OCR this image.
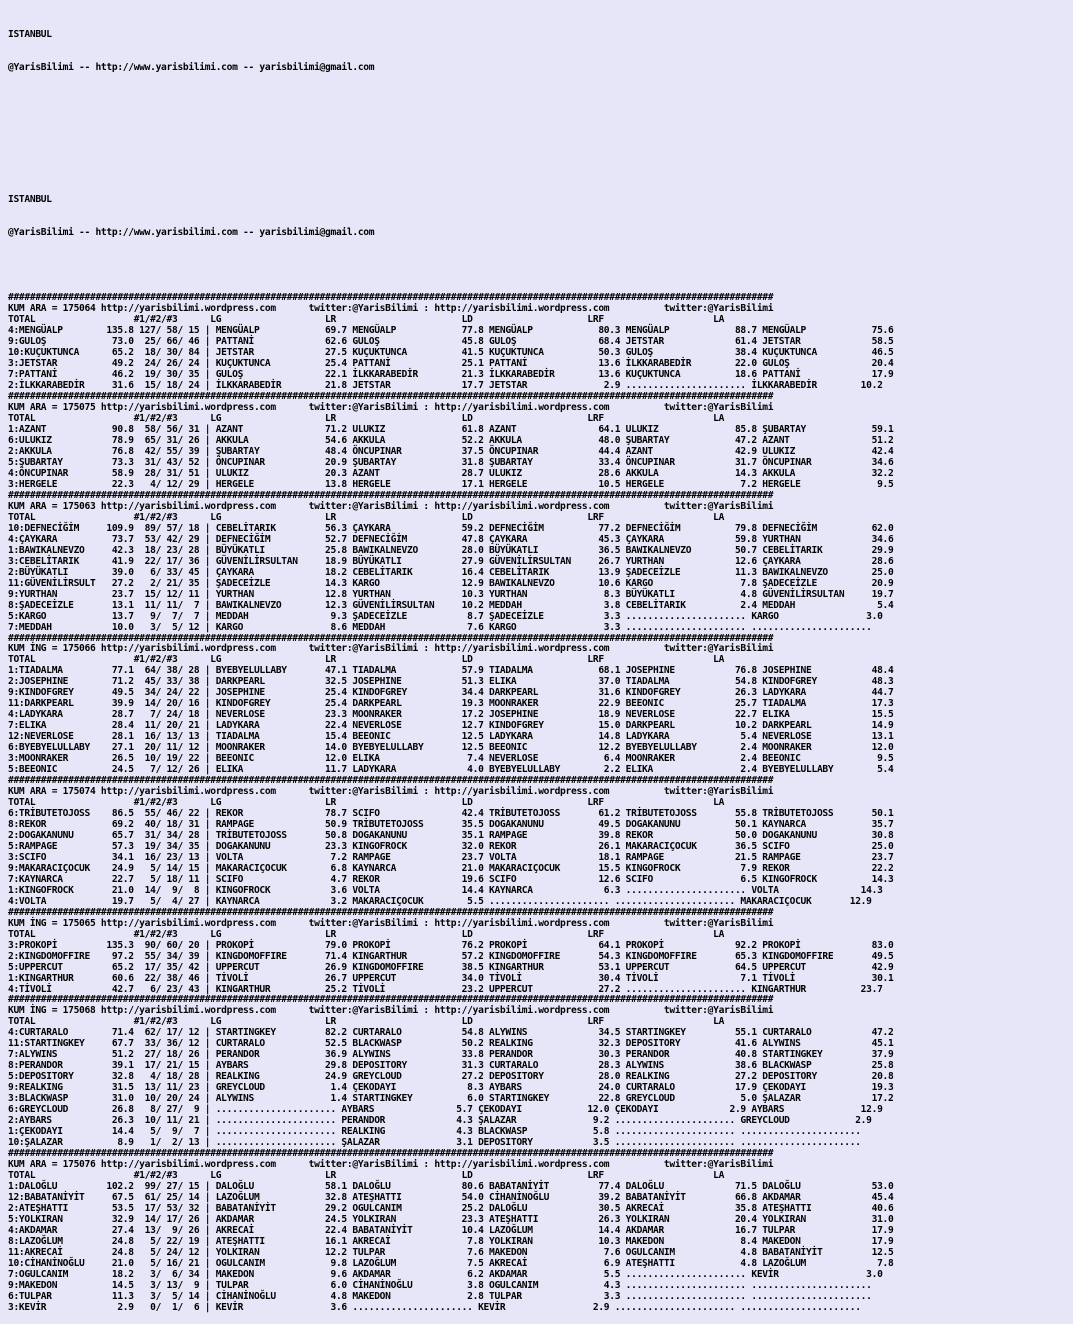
ISTANBUL

@YarisBilimi -- http://www.yarisbilimi.com -- yarisbilimi@gmail.com

ISTANBUL

@YarisBilimi -- http://www.yarisbilimi.com -- yarisbilimi@gmail.com

############################################################################################################################################
KUM ARA = 175064 http://yarisbilimi.wordpress.com      twitter:@YarisBilimi : http://yarisbilimi.wordpress.com          twitter:@YarisBilimi
TOTAL                  #1/#2/#3      LG                   LR                       LD                     LRF                    LA
4:MENGÜALP        135.8 127/ 58/ 15 | MENGÜALP            69.7 MENGÜALP            77.8 MENGÜALP            80.3 MENGÜALP            88.7 MENGÜALP            75.6
9:GULOŞ            73.0  25/ 66/ 46 | PATTANİ             62.6 GULOŞ               45.8 GULOŞ               68.4 JETSTAR             61.4 JETSTAR             58.5
10:KUÇUKTUNCA      65.2  18/ 30/ 84 | JETSTAR             27.5 KUÇUKTUNCA          41.5 KUÇUKTUNCA          50.3 GULOŞ               38.4 KUÇUKTUNCA          46.5
3:JETSTAR          49.2  24/ 26/ 24 | KUÇUKTUNCA          25.4 PATTANİ             25.1 PATTANİ             13.6 İLKKARABEDİR        22.0 GULOŞ               20.4
7:PATTANİ          46.2  19/ 30/ 35 | GULOŞ               22.1 İLKKARABEDİR        21.3 İLKKARABEDİR        13.6 KUÇUKTUNCA          18.6 PATTANİ             17.9
2:İLKKARABEDİR     31.6  15/ 18/ 24 | İLKKARABEDİR        21.8 JETSTAR             17.7 JETSTAR              2.9 ...................... İLKKARABEDİR        10.2
############################################################################################################################################
KUM ARA = 175075 http://yarisbilimi.wordpress.com      twitter:@YarisBilimi : http://yarisbilimi.wordpress.com          twitter:@YarisBilimi
TOTAL                  #1/#2/#3      LG                   LR                       LD                     LRF                    LA
1:AZANT            90.8  58/ 56/ 31 | AZANT               71.2 ULUKIZ              61.8 AZANT               64.1 ULUKIZ              85.8 ŞUBARTAY            59.1
6:ULUKIZ           78.9  65/ 31/ 26 | AKKULA              54.6 AKKULA              52.2 AKKULA              48.0 ŞUBARTAY            47.2 AZANT               51.2
2:AKKULA           76.8  42/ 55/ 39 | ŞUBARTAY            48.4 ÖNCUPINAR           37.5 ÖNCUPINAR           44.4 AZANT               42.9 ULUKIZ              42.4
5:ŞUBARTAY         73.3  31/ 43/ 52 | ÖNCUPINAR           20.9 ŞUBARTAY            31.8 ŞUBARTAY            33.4 ÖNCUPINAR           31.7 ÖNCUPINAR           34.6
4:ÖNCUPINAR        58.9  28/ 31/ 51 | ULUKIZ              20.3 AZANT               28.7 ULUKIZ              28.6 AKKULA              14.3 AKKULA              32.2
3:HERGELE          22.3   4/ 12/ 29 | HERGELE             13.8 HERGELE             17.1 HERGELE             10.5 HERGELE              7.2 HERGELE              9.5
############################################################################################################################################
KUM ARA = 175063 http://yarisbilimi.wordpress.com      twitter:@YarisBilimi : http://yarisbilimi.wordpress.com          twitter:@YarisBilimi
TOTAL                  #1/#2/#3      LG                   LR                       LD                     LRF                    LA
10:DEFNECİĞİM     109.9  89/ 57/ 18 | CEBELİTARIK         56.3 ÇAYKARA             59.2 DEFNECİĞİM          77.2 DEFNECİĞİM          79.8 DEFNECİĞİM          62.0
4:ÇAYKARA          73.7  53/ 42/ 29 | DEFNECİĞİM          52.7 DEFNECİĞİM          47.8 ÇAYKARA             45.3 ÇAYKARA             59.8 YURTHAN             34.6
1:BAWIKALNEVZO     42.3  18/ 23/ 28 | BÜYÜKATLI           25.8 BAWIKALNEVZO        28.0 BÜYÜKATLI           36.5 BAWIKALNEVZO        50.7 CEBELİTARIK         29.9
3:CEBELİTARIK      41.9  22/ 17/ 36 | GÜVENİLİRSULTAN     18.9 BÜYÜKATLI           27.9 GÜVENİLİRSULTAN     26.7 YURTHAN             12.6 ÇAYKARA             28.6
2:BÜYÜKATLI        39.0   6/ 33/ 45 | ÇAYKARA             18.2 CEBELİTARIK         16.4 CEBELİTARIK         13.9 ŞADECEİZLE          11.3 BAWIKALNEVZO        25.0
11:GÜVENİLİRSULT   27.2   2/ 21/ 35 | ŞADECEİZLE          14.3 KARGO               12.9 BAWIKALNEVZO        10.6 KARGO                7.8 ŞADECEİZLE          20.9
9:YURTHAN          23.7  15/ 12/ 11 | YURTHAN             12.8 YURTHAN             10.3 YURTHAN              8.3 BÜYÜKATLI            4.8 GÜVENİLİRSULTAN     19.7
8:ŞADECEİZLE       13.1  11/ 11/  7 | BAWIKALNEVZO        12.3 GÜVENİLİRSULTAN     10.2 MEDDAH               3.8 CEBELİTARIK          2.4 MEDDAH               5.4
5:KARGO            13.7   9/  7/  7 | MEDDAH               9.3 ŞADECEİZLE           8.7 ŞADECEİZLE           3.3 ...................... KARGO                3.0
7:MEDDAH           10.0   3/  5/ 12 | KARGO                8.6 MEDDAH               7.6 KARGO                3.3 ...................... ......................
############################################################################################################################################
KUM İNG = 175066 http://yarisbilimi.wordpress.com      twitter:@YarisBilimi : http://yarisbilimi.wordpress.com          twitter:@YarisBilimi
TOTAL                  #1/#2/#3      LG                   LR                       LD                     LRF                    LA
1:TIADALMA         77.1  64/ 38/ 28 | BYEBYELULLABY       47.1 TIADALMA            57.9 TIADALMA            68.1 JOSEPHINE           76.8 JOSEPHINE           48.4
2:JOSEPHINE        71.2  45/ 33/ 38 | DARKPEARL           32.5 JOSEPHINE           51.3 ELIKA               37.0 TIADALMA            54.8 KINDOFGREY          48.3
9:KINDOFGREY       49.5  34/ 24/ 22 | JOSEPHINE           25.4 KINDOFGREY          34.4 DARKPEARL           31.6 KINDOFGREY          26.3 LADYKARA            44.7
11:DARKPEARL       39.9  14/ 20/ 16 | KINDOFGREY          25.4 DARKPEARL           19.3 MOONRAKER           22.9 BEEONIC             25.7 TIADALMA            17.3
4:LADYKARA         28.7   7/ 24/ 18 | NEVERLOSE           23.3 MOONRAKER           17.2 JOSEPHINE           18.9 NEVERLOSE           22.7 ELIKA               15.5
7:ELIKA            28.4  11/ 20/ 21 | LADYKARA            22.4 NEVERLOSE           12.7 KINDOFGREY          15.0 DARKPEARL           10.2 DARKPEARL           14.9
12:NEVERLOSE       28.1  16/ 13/ 13 | TIADALMA            15.4 BEEONIC             12.5 LADYKARA            14.8 LADYKARA             5.4 NEVERLOSE           13.1
6:BYEBYELULLABY    27.1  20/ 11/ 12 | MOONRAKER           14.0 BYEBYELULLABY       12.5 BEEONIC             12.2 BYEBYELULLABY        2.4 MOONRAKER           12.0
3:MOONRAKER        26.5  10/ 19/ 22 | BEEONIC             12.0 ELIKA                7.4 NEVERLOSE            6.4 MOONRAKER            2.4 BEEONIC              9.5
5:BEEONIC          24.5   7/ 12/ 26 | ELIKA               11.7 LADYKARA             4.0 BYEBYELULLABY        2.2 ELIKA                2.4 BYEBYELULLABY        5.4
############################################################################################################################################
KUM ARA = 175074 http://yarisbilimi.wordpress.com      twitter:@YarisBilimi : http://yarisbilimi.wordpress.com          twitter:@YarisBilimi
TOTAL                  #1/#2/#3      LG                   LR                       LD                     LRF                    LA
6:TRİBUTETOJOSS    86.5  55/ 46/ 22 | REKOR               78.7 SCIFO               42.4 TRİBUTETOJOSS       61.2 TRİBUTETOJOSS       55.8 TRİBUTETOJOSS       50.1
8:REKOR            69.2  40/ 18/ 31 | RAMPAGE             50.9 TRİBUTETOJOSS       35.5 DOGAKANUNU          49.5 DOGAKANUNU          50.1 KAYNARCA            35.7
2:DOGAKANUNU       65.7  31/ 34/ 28 | TRİBUTETOJOSS       50.8 DOGAKANUNU          35.1 RAMPAGE             39.8 REKOR               50.0 DOGAKANUNU          30.8
5:RAMPAGE          57.3  19/ 34/ 35 | DOGAKANUNU          23.3 KINGOFROCK          32.0 REKOR               26.1 MAKARACIÇOCUK       36.5 SCIFO               25.0
3:SCIFO            34.1  16/ 23/ 13 | VOLTA                7.2 RAMPAGE             23.7 VOLTA               18.1 RAMPAGE             21.5 RAMPAGE             23.7
9:MAKARACIÇOCUK    24.9   5/ 14/ 15 | MAKARACIÇOCUK        6.8 KAYNARCA            21.0 MAKARACIÇOCUK       15.5 KINGOFROCK           7.9 REKOR               22.2
7:KAYNARCA         22.7   5/ 18/ 11 | SCIFO                4.7 REKOR               19.6 SCIFO               12.6 SCIFO                6.5 KINGOFROCK          14.3
1:KINGOFROCK       21.0  14/  9/  8 | KINGOFROCK           3.6 VOLTA               14.4 KAYNARCA             6.3 ...................... VOLTA               14.3
4:VOLTA            19.7   5/  4/ 27 | KAYNARCA             3.2 MAKARACIÇOCUK        5.5 ...................... ...................... MAKARACIÇOCUK       12.9
############################################################################################################################################
KUM İNG = 175065 http://yarisbilimi.wordpress.com      twitter:@YarisBilimi : http://yarisbilimi.wordpress.com          twitter:@YarisBilimi
TOTAL                  #1/#2/#3      LG                   LR                       LD                     LRF                    LA
3:PROKOPİ         135.3  90/ 60/ 20 | PROKOPİ             79.0 PROKOPİ             76.2 PROKOPİ             64.1 PROKOPİ             92.2 PROKOPİ             83.0
2:KINGDOMOFFIRE    97.2  55/ 34/ 39 | KINGDOMOFFIRE       71.4 KINGARTHUR          57.2 KINGDOMOFFIRE       54.3 KINGDOMOFFIRE       65.3 KINGDOMOFFIRE       49.5
5:UPPERCUT         65.2  17/ 35/ 42 | UPPERCUT            26.9 KINGDOMOFFIRE       38.5 KINGARTHUR          53.1 UPPERCUT            64.5 UPPERCUT            42.9
1:KINGARTHUR       60.6  22/ 38/ 46 | TİVOLİ              26.7 UPPERCUT            34.0 TİVOLİ              30.4 TİVOLİ               7.1 TİVOLİ              30.1
4:TİVOLİ           42.7   6/ 23/ 43 | KINGARTHUR          25.2 TİVOLİ              23.2 UPPERCUT            27.2 ...................... KINGARTHUR          23.7
############################################################################################################################################
KUM İNG = 175068 http://yarisbilimi.wordpress.com      twitter:@YarisBilimi : http://yarisbilimi.wordpress.com          twitter:@YarisBilimi
TOTAL                  #1/#2/#3      LG                   LR                       LD                     LRF                    LA
4:CURTARALO        71.4  62/ 17/ 12 | STARTINGKEY         82.2 CURTARALO           54.8 ALYWINS             34.5 STARTINGKEY         55.1 CURTARALO           47.2
11:STARTINGKEY     67.7  33/ 36/ 12 | CURTARALO           52.5 BLACKWASP           50.2 REALKING            32.3 DEPOSITORY          41.6 ALYWINS             45.1
7:ALYWINS          51.2  27/ 18/ 26 | PERANDOR            36.9 ALYWINS             33.8 PERANDOR            30.3 PERANDOR            40.8 STARTINGKEY         37.9
8:PERANDOR         39.1  17/ 21/ 15 | AYBARS              29.8 DEPOSITORY          31.3 CURTARALO           28.3 ALYWINS             38.6 BLACKWASP           25.8
5:DEPOSITORY       32.8   4/ 18/ 28 | REALKING            24.9 GREYCLOUD           27.2 DEPOSITORY          28.0 REALKING            27.2 DEPOSITORY          20.8
9:REALKING         31.5  13/ 11/ 23 | GREYCLOUD            1.4 ÇEKODAYI             8.3 AYBARS              24.0 CURTARALO           17.9 ÇEKODAYI            19.3
3:BLACKWASP        31.0  10/ 20/ 24 | ALYWINS              1.4 STARTINGKEY          6.0 STARTINGKEY         22.8 GREYCLOUD            5.0 ŞALAZAR             17.2
6:GREYCLOUD        26.8   8/ 27/  9 | ...................... AYBARS               5.7 ÇEKODAYI            12.0 ÇEKODAYI             2.9 AYBARS              12.9
2:AYBARS           26.3  10/ 11/ 21 | ...................... PERANDOR             4.3 ŞALAZAR              9.2 ...................... GREYCLOUD            2.9
1:ÇEKODAYI         14.4   5/  9/  7 | ...................... REALKING             4.3 BLACKWASP            5.8 ...................... ......................
10:ŞALAZAR          8.9   1/  2/ 13 | ...................... ŞALAZAR              3.1 DEPOSITORY           3.5 ...................... ......................
############################################################################################################################################
KUM ARA = 175076 http://yarisbilimi.wordpress.com      twitter:@YarisBilimi : http://yarisbilimi.wordpress.com          twitter:@YarisBilimi
TOTAL                  #1/#2/#3      LG                   LR                       LD                     LRF                    LA
1:DALOĞLU         102.2  99/ 27/ 15 | DALOĞLU             58.1 DALOĞLU             80.6 BABATANİYİT         77.4 DALOĞLU             71.5 DALOĞLU             53.0
12:BABATANİYİT     67.5  61/ 25/ 14 | LAZOĞLUM            32.8 ATEŞHATTI           54.0 CİHANİNOĞLU         39.2 BABATANİYİT         66.8 AKDAMAR             45.4
2:ATEŞHATTI        53.5  17/ 53/ 32 | BABATANİYİT         29.2 OGULCANIM           25.2 DALOĞLU             30.5 AKRECAİ             35.8 ATEŞHATTI           40.6
5:YOLKIRAN         32.9  14/ 17/ 26 | AKDAMAR             24.5 YOLKIRAN            23.3 ATEŞHATTI           26.3 YOLKIRAN            20.4 YOLKIRAN            31.0
4:AKDAMAR          27.4  13/  9/ 26 | AKRECAİ             22.4 BABATANİYİT         10.4 LAZOĞLUM            14.4 AKDAMAR             16.7 TULPAR              17.9
8:LAZOĞLUM         24.8   5/ 22/ 19 | ATEŞHATTI           16.1 AKRECAİ              7.8 YOLKIRAN            10.3 MAKEDON              8.4 MAKEDON             17.9
11:AKRECAİ         24.8   5/ 24/ 12 | YOLKIRAN            12.2 TULPAR               7.6 MAKEDON              7.6 OGULCANIM            4.8 BABATANİYİT         12.5
10:CİHANİNOĞLU     21.0   5/ 16/ 21 | OGULCANIM            9.8 LAZOĞLUM             7.5 AKRECAİ              6.9 ATEŞHATTI            4.8 LAZOĞLUM             7.8
7:OGULCANIM        18.2   3/  6/ 34 | MAKEDON              9.6 AKDAMAR              6.2 AKDAMAR              5.5 ...................... KEVİR                3.0
9:MAKEDON          14.5   3/ 13/  9 | TULPAR               6.0 CİHANİNOĞLU          3.8 OGULCANIM            4.3 ...................... ......................
6:TULPAR           11.3   3/  5/ 14 | CİHANİNOĞLU          4.8 MAKEDON              2.8 TULPAR               3.3 ...................... ......................
3:KEVİR             2.9   0/  1/  6 | KEVİR                3.6 ...................... KEVİR                2.9 ...................... ......................
